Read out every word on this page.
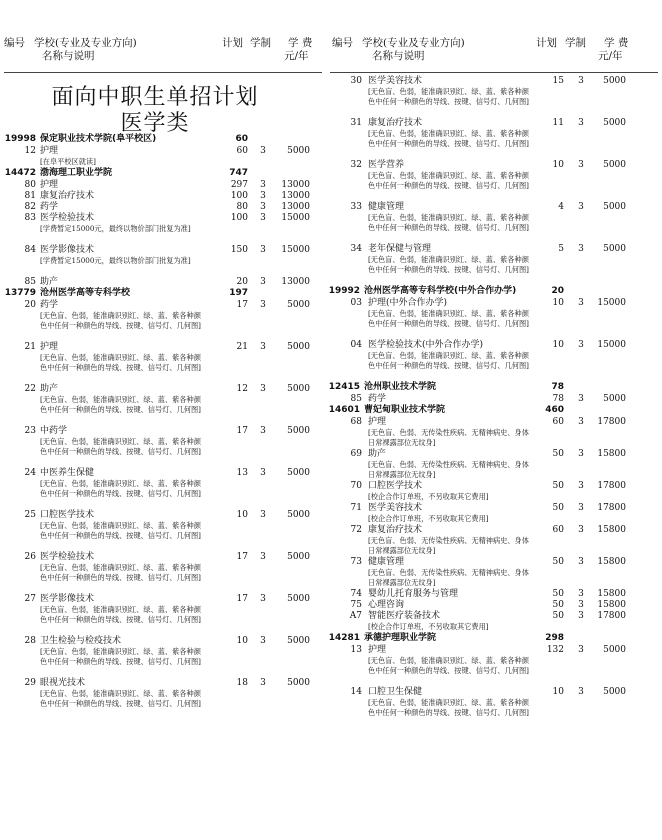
编号 学校(专业及专业方向)
名称与说明
计划 学制 学 费
元/年
编号 学校(专业及专业方向)
名称与说明
计划 学制 学 费
元/年
面向中职生单招计划
医学类
19998 保定职业技术学院(阜平校区)	60
12 护理	60	3	5000
[在阜平校区就读]
14472 渤海理工职业学院	747
80 护理	297	3	13000
81 康复治疗技术	100	3	13000
82 药学	80	3	13000
83 医学检验技术	100	3	15000
[学费暂定15000元，最终以物价部门批复为准]
84 医学影像技术	150	3	15000
[学费暂定15000元，最终以物价部门批复为准]
85 助产	20	3	13000
13779 沧州医学高等专科学校	197
20 药学	17	3	5000
[无色盲、色弱，能准确识别红、绿、蓝、紫各种颜色中任何一种颜色的导线、按键、信号灯、几何图]
21 护理	21	3	5000
[无色盲、色弱，能准确识别红、绿、蓝、紫各种颜色中任何一种颜色的导线、按键、信号灯、几何图]
22 助产	12	3	5000
[无色盲、色弱，能准确识别红、绿、蓝、紫各种颜色中任何一种颜色的导线、按键、信号灯、几何图]
23 中药学	17	3	5000
[无色盲、色弱，能准确识别红、绿、蓝、紫各种颜色中任何一种颜色的导线、按键、信号灯、几何图]
24 中医养生保健	13	3	5000
[无色盲、色弱，能准确识别红、绿、蓝、紫各种颜色中任何一种颜色的导线、按键、信号灯、几何图]
25 口腔医学技术	10	3	5000
[无色盲、色弱，能准确识别红、绿、蓝、紫各种颜色中任何一种颜色的导线、按键、信号灯、几何图]
26 医学检验技术	17	3	5000
[无色盲、色弱，能准确识别红、绿、蓝、紫各种颜色中任何一种颜色的导线、按键、信号灯、几何图]
27 医学影像技术	17	3	5000
[无色盲、色弱，能准确识别红、绿、蓝、紫各种颜色中任何一种颜色的导线、按键、信号灯、几何图]
28 卫生检验与检疫技术	10	3	5000
[无色盲、色弱，能准确识别红、绿、蓝、紫各种颜色中任何一种颜色的导线、按键、信号灯、几何图]
29 眼视光技术	18	3	5000
[无色盲、色弱，能准确识别红、绿、蓝、紫各种颜色中任何一种颜色的导线、按键、信号灯、几何图]
30 医学美容技术	15	3	5000
[无色盲、色弱，能准确识别红、绿、蓝、紫各种颜色中任何一种颜色的导线、按键、信号灯、几何图]
31 康复治疗技术	11	3	5000
[无色盲、色弱，能准确识别红、绿、蓝、紫各种颜色中任何一种颜色的导线、按键、信号灯、几何图]
32 医学营养	10	3	5000
[无色盲、色弱，能准确识别红、绿、蓝、紫各种颜色中任何一种颜色的导线、按键、信号灯、几何图]
33 健康管理	4	3	5000
[无色盲、色弱，能准确识别红、绿、蓝、紫各种颜色中任何一种颜色的导线、按键、信号灯、几何图]
34 老年保健与管理	5	3	5000
[无色盲、色弱，能准确识别红、绿、蓝、紫各种颜色中任何一种颜色的导线、按键、信号灯、几何图]
19992 沧州医学高等专科学校(中外合作办学)	20
03 护理(中外合作办学)	10	3	15000
[无色盲、色弱，能准确识别红、绿、蓝、紫各种颜色中任何一种颜色的导线、按键、信号灯、几何图]
04 医学检验技术(中外合作办学)	10	3	15000
[无色盲、色弱，能准确识别红、绿、蓝、紫各种颜色中任何一种颜色的导线、按键、信号灯、几何图]
12415 沧州职业技术学院	78
85 药学	78	3	5000
14601 曹妃甸职业技术学院	460
68 护理	60	3	17800
[无色盲、色弱、无传染性疾病、无精神病史、身体日常裸露部位无纹身]
69 助产	50	3	15800
[无色盲、色弱、无传染性疾病、无精神病史、身体日常裸露部位无纹身]
70 口腔医学技术	50	3	17800
[校企合作订单班，不另收取其它费用]
71 医学美容技术	50	3	17800
[校企合作订单班，不另收取其它费用]
72 康复治疗技术	60	3	15800
[无色盲、色弱、无传染性疾病、无精神病史、身体日常裸露部位无纹身]
73 健康管理	50	3	15800
[无色盲、色弱、无传染性疾病、无精神病史、身体日常裸露部位无纹身]
74 婴幼儿托育服务与管理	50	3	15800
75 心理咨询	50	3	15800
A7 智能医疗装备技术	50	3	17800
[校企合作订单班，不另收取其它费用]
14281 承德护理职业学院	298
13 护理	132	3	5000
[无色盲、色弱，能准确识别红、绿、蓝、紫各种颜色中任何一种颜色的导线、按键、信号灯、几何图]
14 口腔卫生保健	10	3	5000
[无色盲、色弱，能准确识别红、绿、蓝、紫各种颜色中任何一种颜色的导线、按键、信号灯、几何图]
